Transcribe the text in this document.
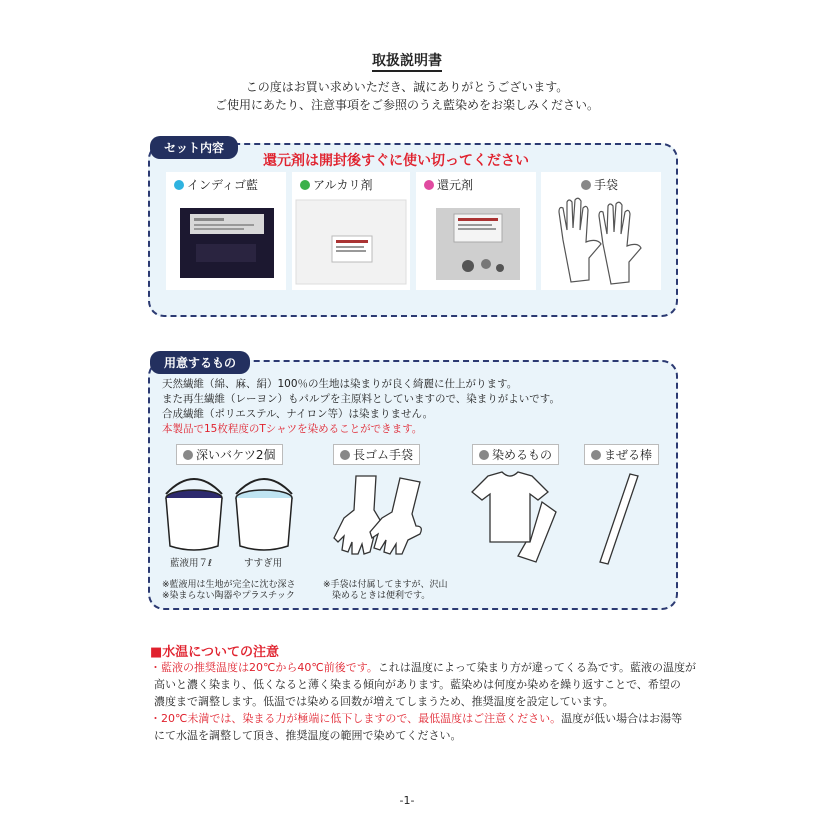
取扱説明書
この度はお買い求めいただき、誠にありがとうございます。
ご使用にあたり、注意事項をご参照のうえ藍染めをお楽しみください。
セット内容
還元剤は開封後すぐに使い切ってください
インディゴ藍	アルカリ剤	還元剤	手袋
用意するもの
天然繊維（綿、麻、絹）100％の生地は染まりが良く綺麗に仕上がります。
また再生繊維（レーヨン）もパルプを主原料としていますので、染まりがよいです。
合成繊維（ポリエステル、ナイロン等）は染まりません。
本製品で15枚程度のTシャツを染めることができます。
深いバケツ2個	長ゴム手袋	染めるもの	まぜる棒
藍液用７ℓ	すすぎ用
※藍液用は生地が完全に沈む深さ
※染まらない陶器やプラスチック
※手袋は付属してますが、沢山
染めるときは便利です。
■水温についての注意
・藍液の推奨温度は20℃から40℃前後です。これは温度によって染まり方が違ってくる為です。藍液の温度が
高いと濃く染まり、低くなると薄く染まる傾向があります。藍染めは何度か染めを繰り返すことで、希望の
濃度まで調整します。低温では染める回数が増えてしまうため、推奨温度を設定しています。
・20℃未満では、染まる力が極端に低下しますので、最低温度はご注意ください。温度が低い場合はお湯等
にて水温を調整して頂き、推奨温度の範囲で染めてください。
-1-
